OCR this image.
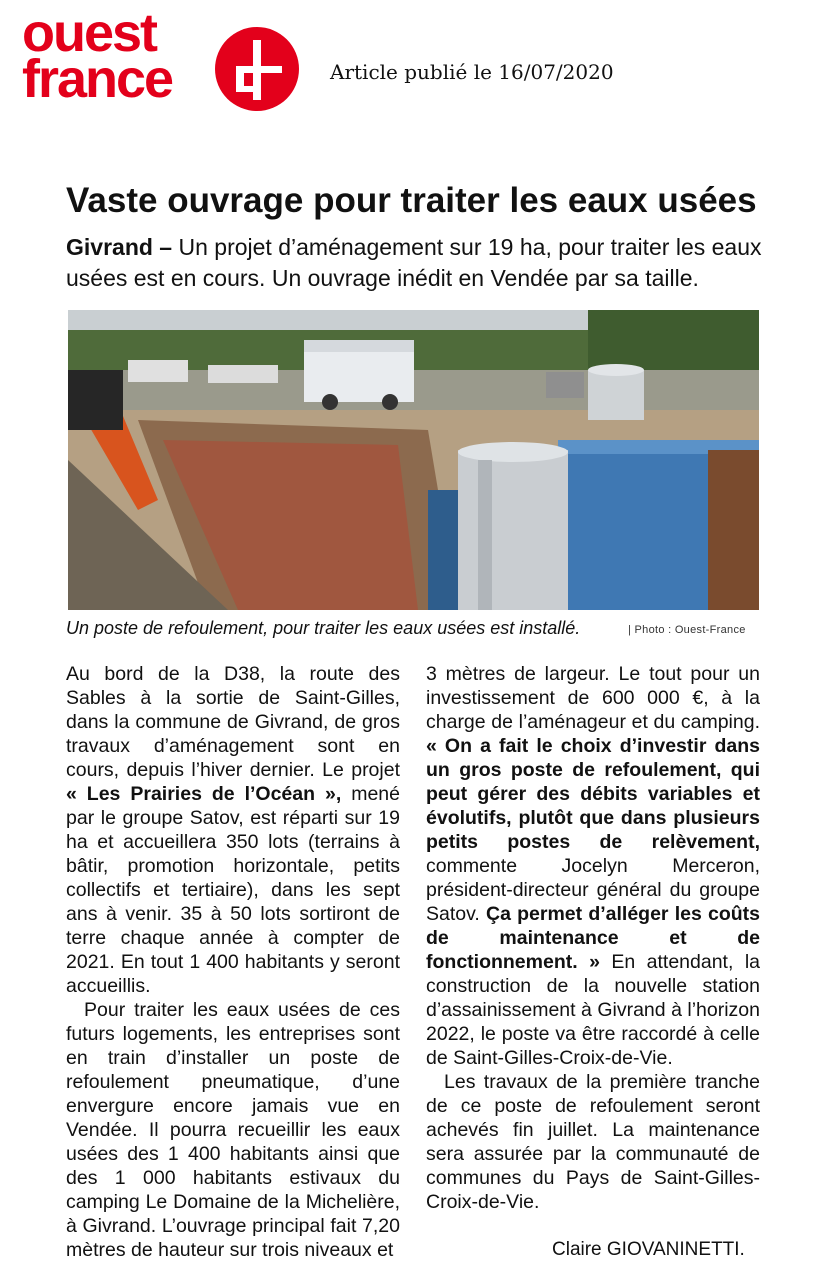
ouest
france	Article publié le 16/07/2020
Vaste ouvrage pour traiter les eaux usées
Givrand – Un projet d’aménagement sur 19 ha, pour traiter les eaux usées est en cours. Un ouvrage inédit en Vendée par sa taille.
Un poste de refoulement, pour traiter les eaux usées est installé.	| Photo : Ouest-France

Au bord de la D38, la route des Sables à la sortie de Saint-Gilles, dans la commune de Givrand, de gros travaux d’aménagement sont en cours, depuis l’hiver dernier. Le projet « Les Prairies de l’Océan », mené par le groupe Satov, est réparti sur 19 ha et accueillera 350 lots (terrains à bâtir, promotion horizontale, petits collectifs et tertiaire), dans les sept ans à venir. 35 à 50 lots sortiront de terre chaque année à compter de 2021. En tout 1 400 habitants y seront accueillis.

Pour traiter les eaux usées de ces futurs logements, les entreprises sont en train d’installer un poste de refoulement pneumatique, d’une envergure encore jamais vue en Vendée. Il pourra recueillir les eaux usées des 1 400 habitants ainsi que des 1 000 habitants estivaux du camping Le Domaine de la Michelière, à Givrand. L’ouvrage principal fait 7,20 mètres de hauteur sur trois niveaux et

3 mètres de largeur. Le tout pour un investissement de 600 000 €, à la charge de l’aménageur et du camping. « On a fait le choix d’investir dans un gros poste de refoulement, qui peut gérer des débits variables et évolutifs, plutôt que dans plusieurs petits postes de relèvement, commente Jocelyn Merceron, président-directeur général du groupe Satov. Ça permet d’alléger les coûts de maintenance et de fonctionnement. » En attendant, la construction de la nouvelle station d’assainissement à Givrand à l’horizon 2022, le poste va être raccordé à celle de Saint-Gilles-Croix-de-Vie.

Les travaux de la première tranche de ce poste de refoulement seront achevés fin juillet. La maintenance sera assurée par la communauté de communes du Pays de Saint-Gilles-Croix-de-Vie.

Claire GIOVANINETTI.
